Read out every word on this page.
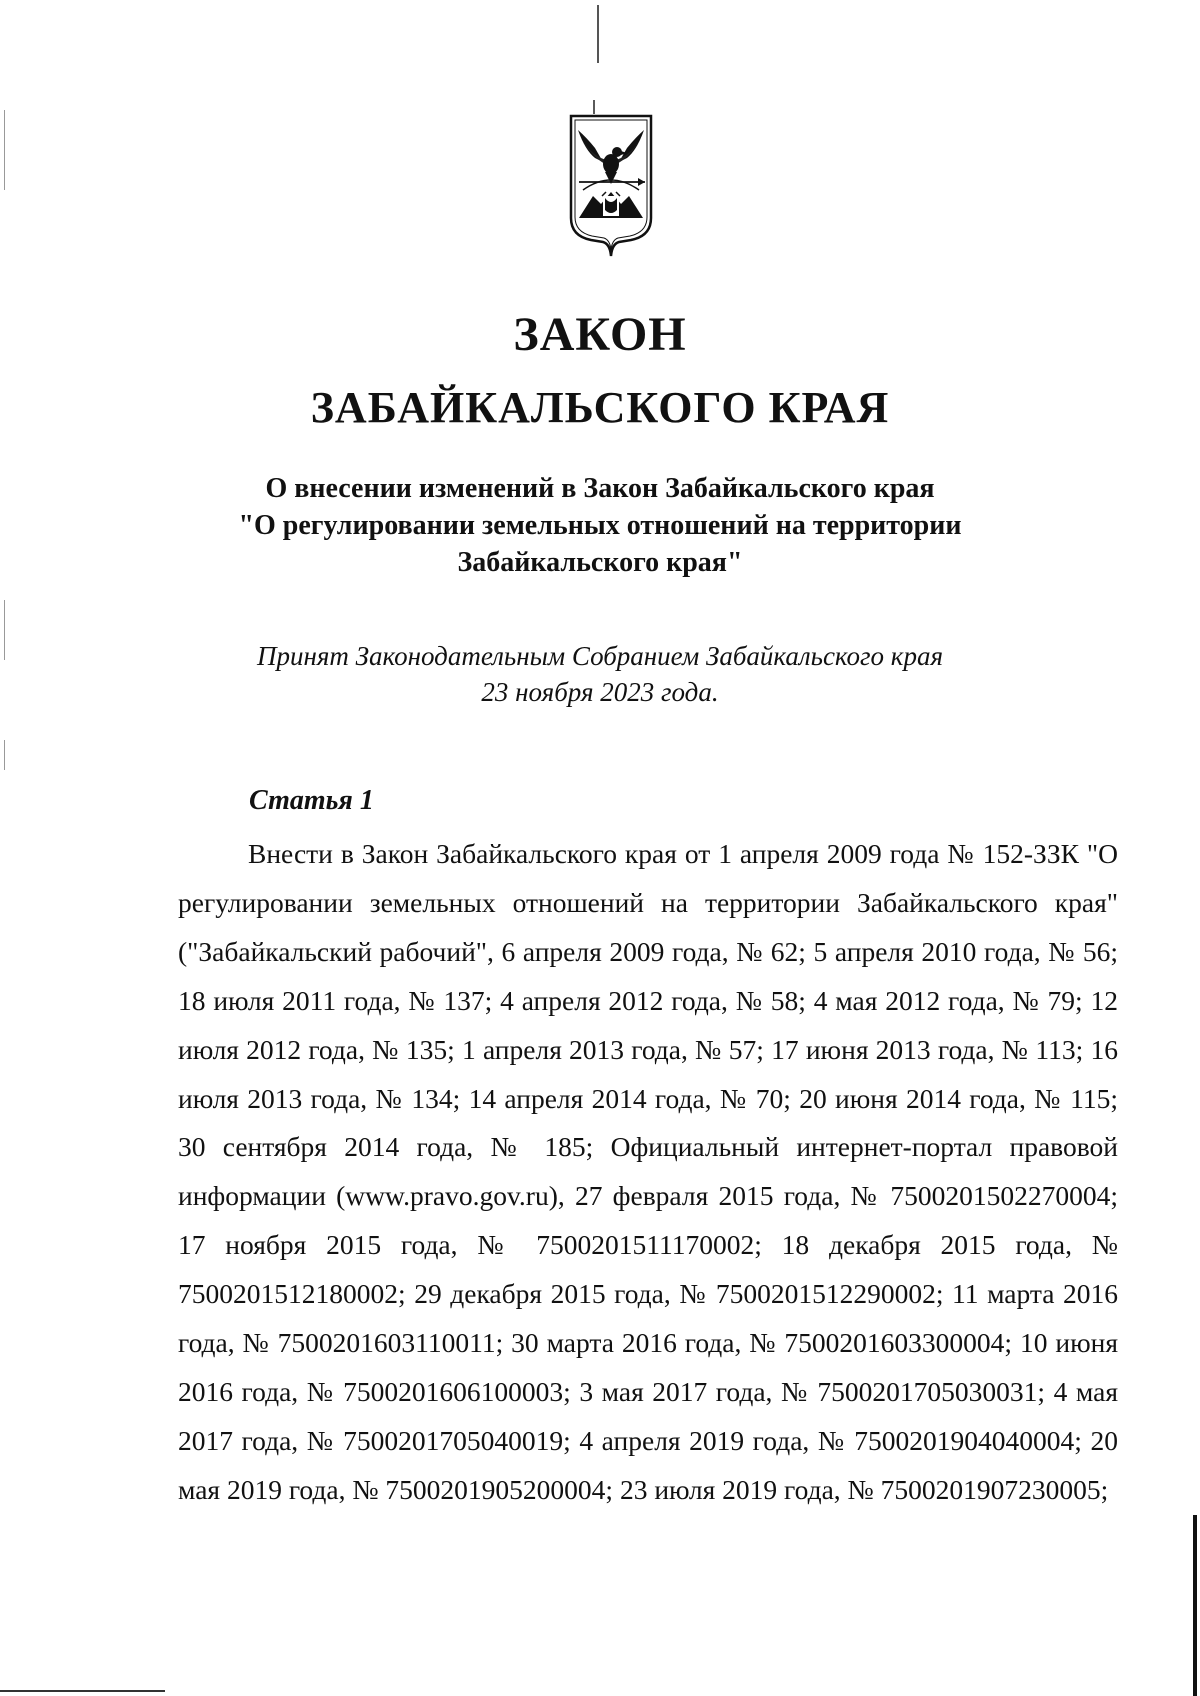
ЗАКОН
ЗАБАЙКАЛЬСКОГО КРАЯ
О внесении изменений в Закон Забайкальского края
"О регулировании земельных отношений на территории
Забайкальского края"

Принят Законодательным Собранием Забайкальского края
23 ноября 2023 года.

Статья 1

Внести в Закон Забайкальского края от 1 апреля 2009 года № 152-ЗЗК "О регулировании земельных отношений на территории Забайкальского края" ("Забайкальский рабочий", 6 апреля 2009 года, № 62; 5 апреля 2010 года, № 56; 18 июля 2011 года, № 137; 4 апреля 2012 года, № 58; 4 мая 2012 года, № 79; 12 июля 2012 года, № 135; 1 апреля 2013 года, № 57; 17 июня 2013 года, № 113; 16 июля 2013 года, № 134; 14 апреля 2014 года, № 70; 20 июня 2014 года, № 115; 30 сентября 2014 года, № 185; Официальный интернет-портал правовой информации (www.pravo.gov.ru), 27 февраля 2015 года, № 7500201502270004; 17 ноября 2015 года, № 7500201511170002; 18 декабря 2015 года, № 7500201512180002; 29 декабря 2015 года, № 7500201512290002; 11 марта 2016 года, № 7500201603110011; 30 марта 2016 года, № 7500201603300004; 10 июня 2016 года, № 7500201606100003; 3 мая 2017 года, № 7500201705030031; 4 мая 2017 года, № 7500201705040019; 4 апреля 2019 года, № 7500201904040004; 20 мая 2019 года, № 7500201905200004; 23 июля 2019 года, № 7500201907230005;
